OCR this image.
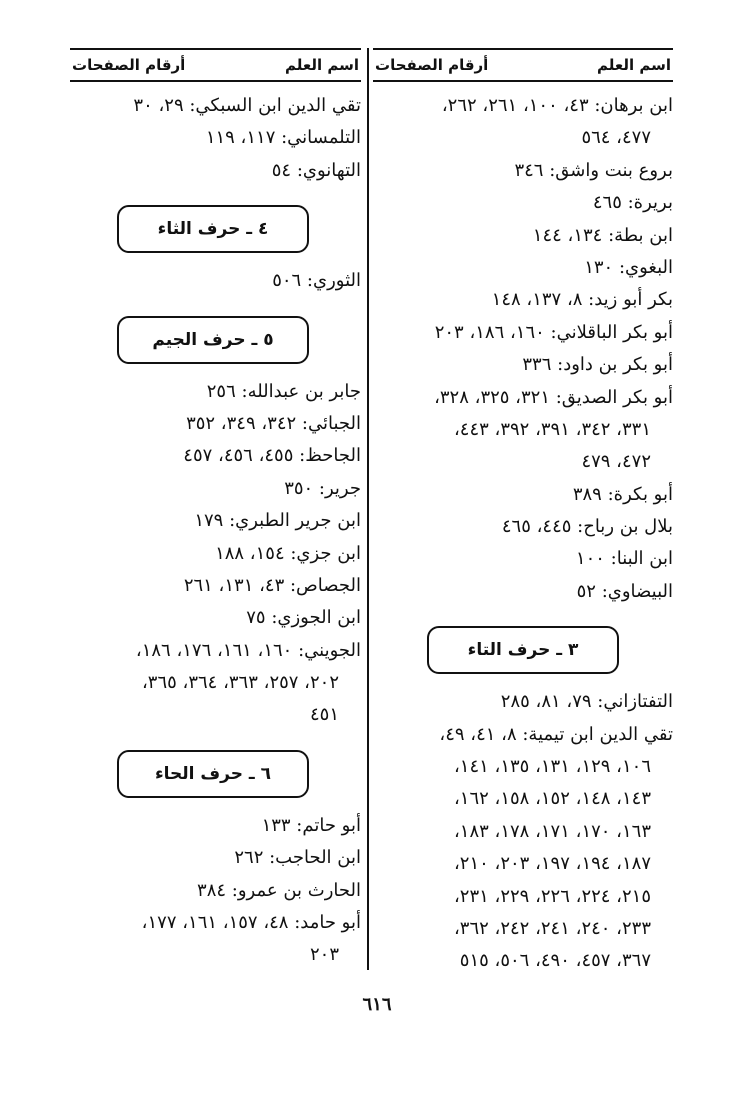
اسم العلم
أرقام الصفحات
ابن برهان: ٤٣، ١٠٠، ٢٦١، ٢٦٢،
٤٧٧، ٥٦٤
بروع بنت واشق: ٣٤٦
بريرة: ٤٦٥
ابن بطة: ١٣٤، ١٤٤
البغوي: ١٣٠
بكر أبو زيد: ٨، ١٣٧، ١٤٨
أبو بكر الباقلاني: ١٦٠، ١٨٦، ٢٠٣
أبو بكر بن داود: ٣٣٦
أبو بكر الصديق: ٣٢١، ٣٢٥، ٣٢٨،
٣٣١، ٣٤٢، ٣٩١، ٣٩٢، ٤٤٣،
٤٧٢، ٤٧٩
أبو بكرة: ٣٨٩
بلال بن رباح: ٤٤٥، ٤٦٥
ابن البنا: ١٠٠
البيضاوي: ٥٢
٣ ـ حرف التاء
التفتازاني: ٧٩، ٨١، ٢٨٥
تقي الدين ابن تيمية: ٨، ٤١، ٤٩،
١٠٦، ١٢٩، ١٣١، ١٣٥، ١٤١،
١٤٣، ١٤٨، ١٥٢، ١٥٨، ١٦٢،
١٦٣، ١٧٠، ١٧١، ١٧٨، ١٨٣،
١٨٧، ١٩٤، ١٩٧، ٢٠٣، ٢١٠،
٢١٥، ٢٢٤، ٢٢٦، ٢٢٩، ٢٣١،
٢٣٣، ٢٤٠، ٢٤١، ٢٤٢، ٣٦٢،
٣٦٧، ٤٥٧، ٤٩٠، ٥٠٦، ٥١٥
اسم العلم
أرقام الصفحات
تقي الدين ابن السبكي: ٢٩، ٣٠
التلمساني: ١١٧، ١١٩
التهانوي: ٥٤
٤ ـ حرف الثاء
الثوري: ٥٠٦
٥ ـ حرف الجيم
جابر بن عبدالله: ٢٥٦
الجبائي: ٣٤٢، ٣٤٩، ٣٥٢
الجاحظ: ٤٥٥، ٤٥٦، ٤٥٧
جرير: ٣٥٠
ابن جرير الطبري: ١٧٩
ابن جزي: ١٥٤، ١٨٨
الجصاص: ٤٣، ١٣١، ٢٦١
ابن الجوزي: ٧٥
الجويني: ١٦٠، ١٦١، ١٧٦، ١٨٦،
٢٠٢، ٢٥٧، ٣٦٣، ٣٦٤، ٣٦٥،
٤٥١
٦ ـ حرف الحاء
أبو حاتم: ١٣٣
ابن الحاجب: ٢٦٢
الحارث بن عمرو: ٣٨٤
أبو حامد: ٤٨، ١٥٧، ١٦١، ١٧٧،
٢٠٣
٦١٦
